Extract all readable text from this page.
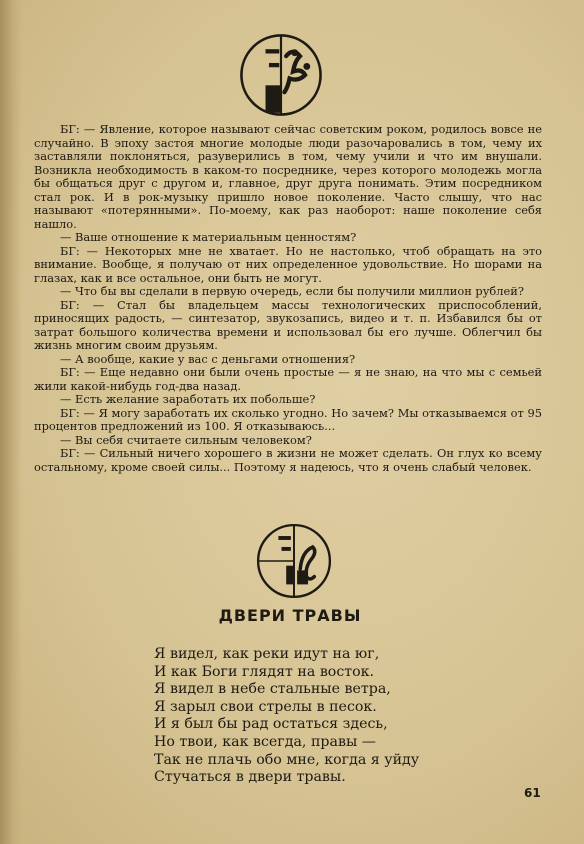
БГ: — Явление, которое называют сейчас советским роком, родилось вовсе не случайно. В эпоху застоя многие молодые люди разочаровались в том, чему их заставляли поклоняться, разуверились в том, чему учили и что им внушали. Возникла необходимость в каком-то посреднике, через которого молодежь могла бы общаться друг с другом и, главное, друг друга понимать. Этим посредником стал рок. И в рок-музыку пришло новое поколение. Часто слышу, что нас называют «потерянными». По-моему, как раз наоборот: наше поколение себя нашло.

— Ваше отношение к материальным ценностям?

БГ: — Некоторых мне не хватает. Но не настолько, чтоб обращать на это внимание. Вообще, я получаю от них определенное удовольствие. Но шорами на глазах, как и все остальное, они быть не могут.

— Что бы вы сделали в первую очередь, если бы получили миллион рублей?

БГ: — Стал бы владельцем массы технологических приспособлений, приносящих радость, — синтезатор, звукозапись, видео и т. п. Избавился бы от затрат большого количества времени и использовал бы его лучше. Облегчил бы жизнь многим своим друзьям.

— А вообще, какие у вас с деньгами отношения?

БГ: — Еще недавно они были очень простые — я не знаю, на что мы с семьей жили какой-нибудь год-два назад.

— Есть желание заработать их побольше?

БГ: — Я могу заработать их сколько угодно. Но зачем? Мы отказываемся от 95 процентов предложений из 100. Я отказываюсь...

— Вы себя считаете сильным человеком?

БГ: — Сильный ничего хорошего в жизни не может сделать. Он глух ко всему остальному, кроме своей силы... Поэтому я надеюсь, что я очень слабый человек.

ДВЕРИ ТРАВЫ
Я видел, как реки идут на юг,
И как Боги глядят на восток.
Я видел в небе стальные ветра,
Я зарыл свои стрелы в песок.
И я был бы рад остаться здесь,
Но твои, как всегда, правы —
Так не плачь обо мне, когда я уйду
Стучаться в двери травы.
61
